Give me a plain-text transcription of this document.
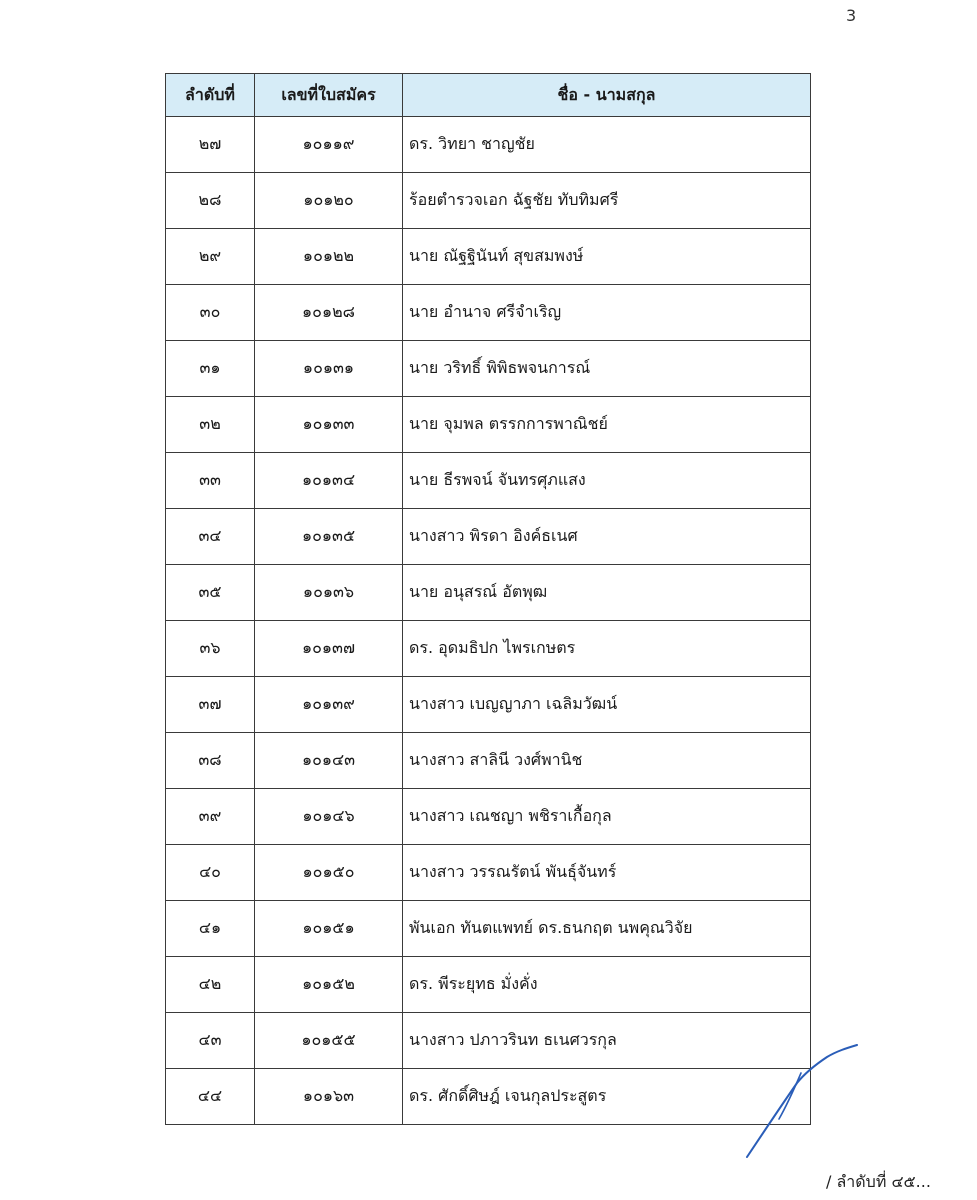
3
ลำดับที่	เลขที่ใบสมัคร	ชื่อ - นามสกุล
๒๗	๑๐๑๑๙	ดร. วิทยา ชาญชัย
๒๘	๑๐๑๒๐	ร้อยตำรวจเอก ฉัฐชัย ทับทิมศรี
๒๙	๑๐๑๒๒	นาย ณัฐฐินันท์ สุขสมพงษ์
๓๐	๑๐๑๒๘	นาย อำนาจ ศรีจำเริญ
๓๑	๑๐๑๓๑	นาย วริทธิ์ พิพิธพจนการณ์
๓๒	๑๐๑๓๓	นาย จุมพล ตรรกการพาณิชย์
๓๓	๑๐๑๓๔	นาย ธีรพจน์ จันทรศุภแสง
๓๔	๑๐๑๓๕	นางสาว พิรดา อิงค์ธเนศ
๓๕	๑๐๑๓๖	นาย อนุสรณ์ อัตพุฒ
๓๖	๑๐๑๓๗	ดร. อุดมธิปก ไพรเกษตร
๓๗	๑๐๑๓๙	นางสาว เบญญาภา เฉลิมวัฒน์
๓๘	๑๐๑๔๓	นางสาว สาลินี วงศ์พานิช
๓๙	๑๐๑๔๖	นางสาว เณชญา พชิราเกื้อกุล
๔๐	๑๐๑๕๐	นางสาว วรรณรัตน์ พันธุ์จันทร์
๔๑	๑๐๑๕๑	พันเอก ทันตแพทย์ ดร.ธนกฤต นพคุณวิจัย
๔๒	๑๐๑๕๒	ดร. พีระยุทธ มั่งคั่ง
๔๓	๑๐๑๕๕	นางสาว ปภาวรินท ธเนศวรกุล
๔๔	๑๐๑๖๓	ดร. ศักดิ์ศิษฎ์ เจนกุลประสูตร
/ ลำดับที่ ๔๕...
